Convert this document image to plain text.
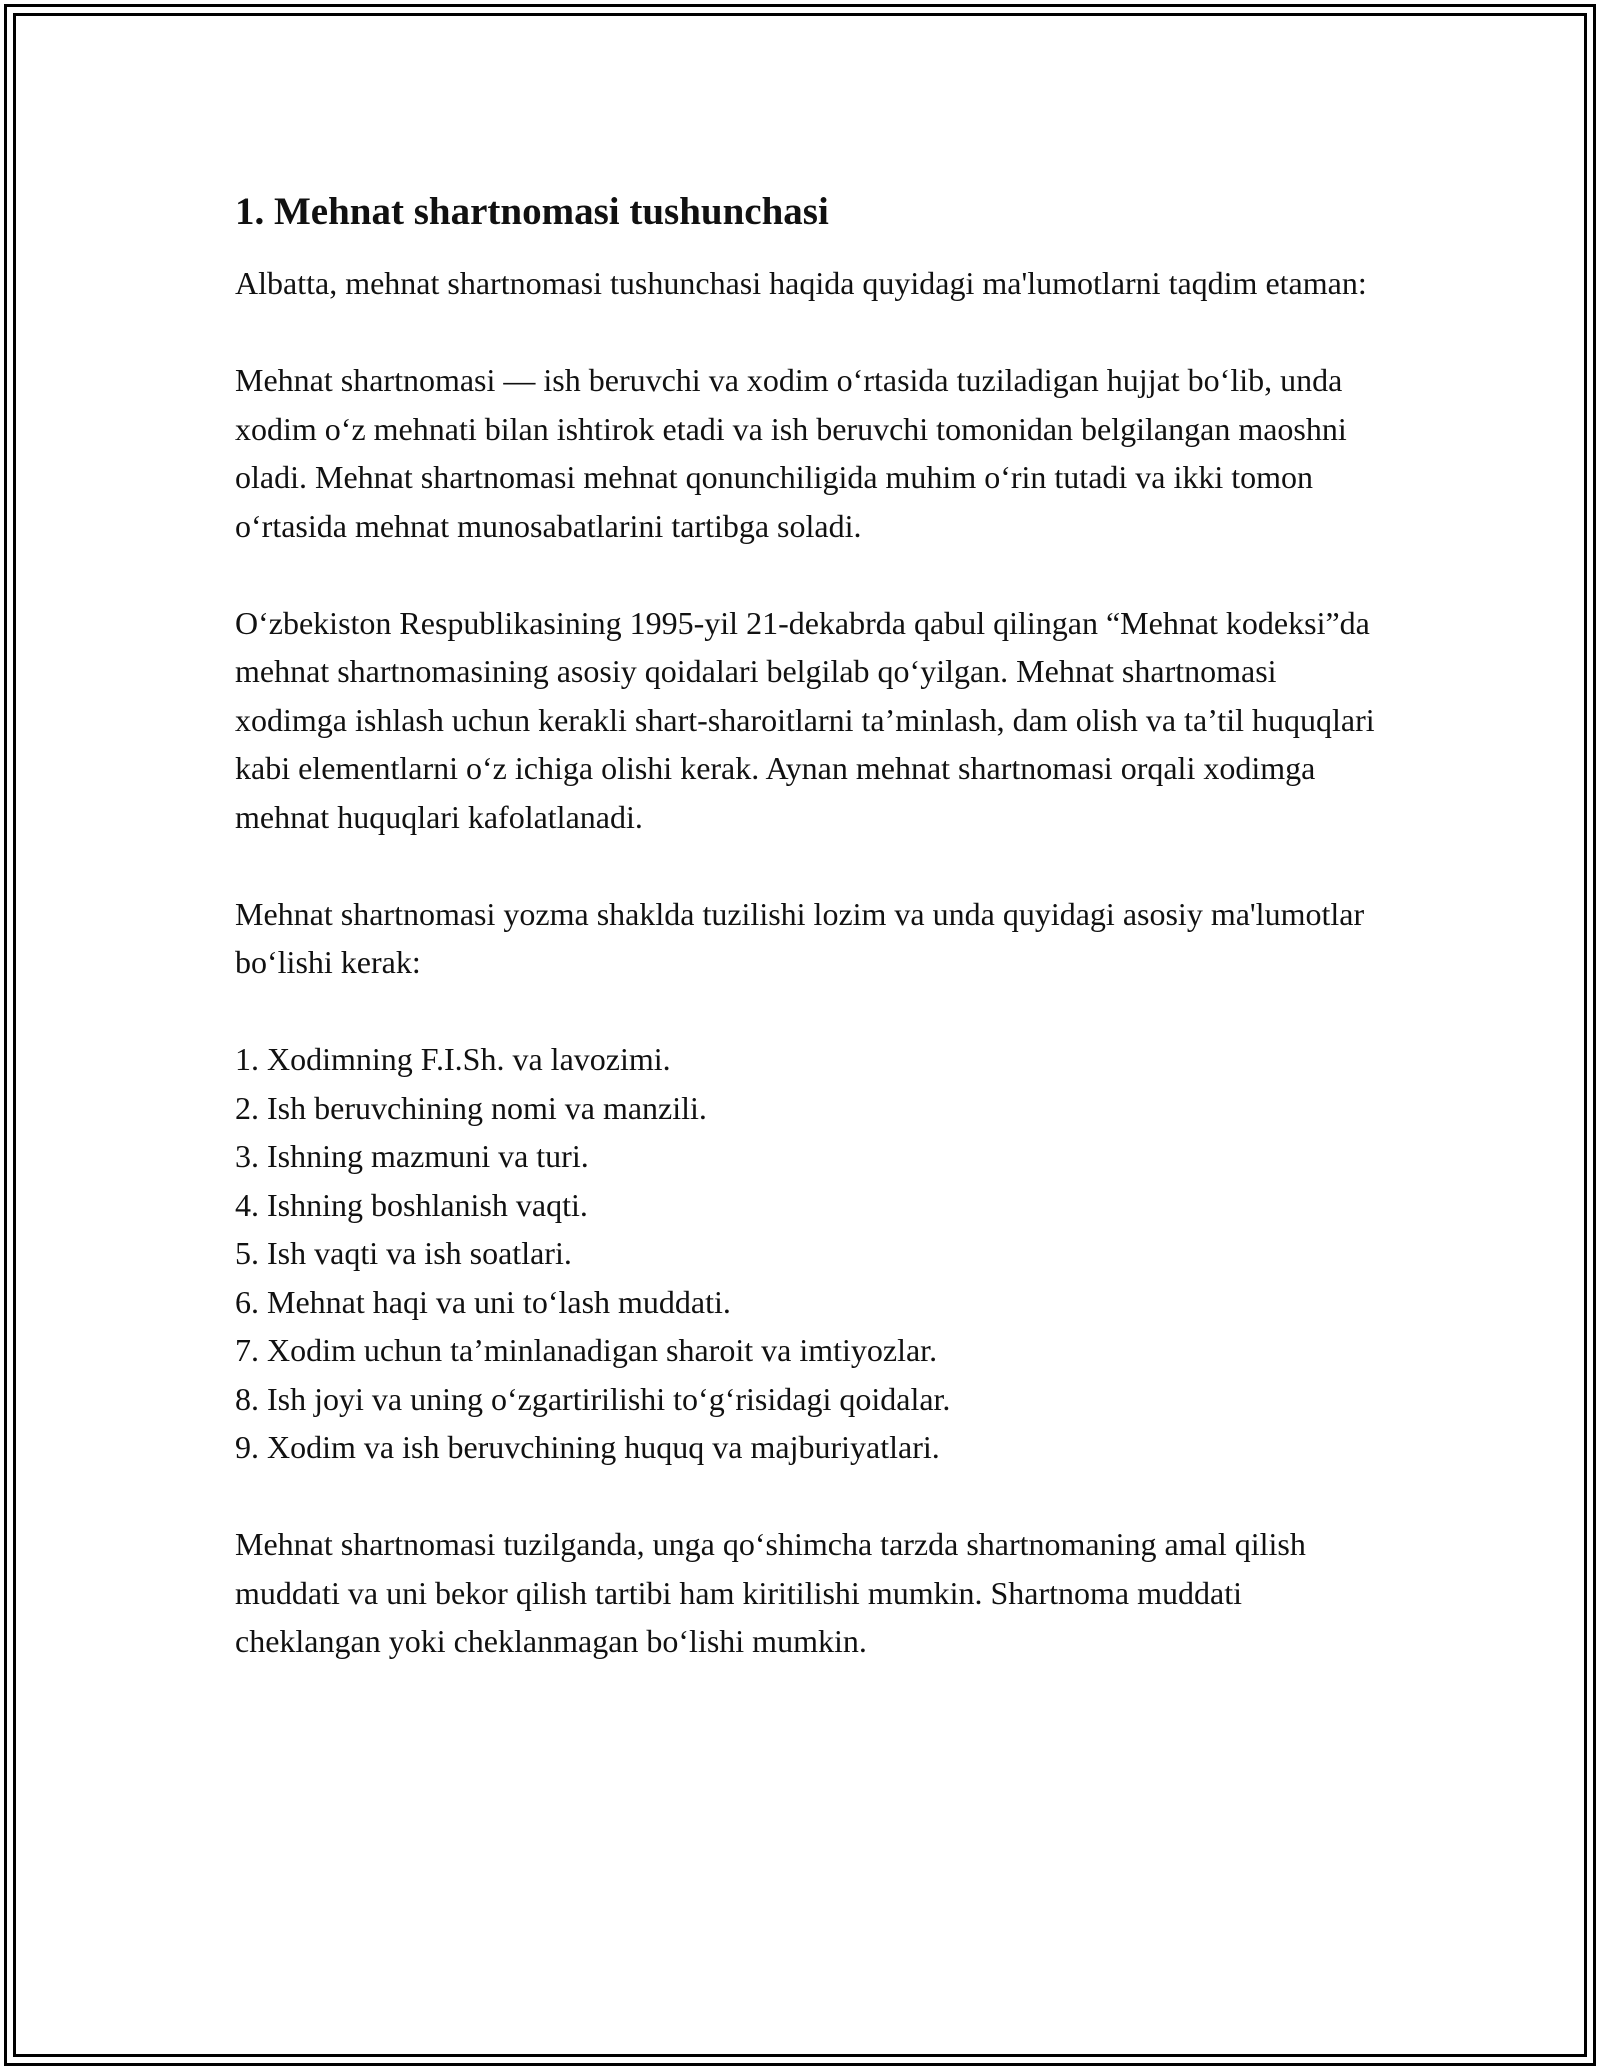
1. Mehnat shartnomasi tushunchasi

Albatta, mehnat shartnomasi tushunchasi haqida quyidagi ma'lumotlarni taqdim etaman:

Mehnat shartnomasi — ish beruvchi va xodim o‘rtasida tuziladigan hujjat bo‘lib, unda xodim o‘z mehnati bilan ishtirok etadi va ish beruvchi tomonidan belgilangan maoshni oladi. Mehnat shartnomasi mehnat qonunchiligida muhim o‘rin tutadi va ikki tomon o‘rtasida mehnat munosabatlarini tartibga soladi.

O‘zbekiston Respublikasining 1995-yil 21-dekabrda qabul qilingan “Mehnat kodeksi”da mehnat shartnomasining asosiy qoidalari belgilab qo‘yilgan. Mehnat shartnomasi xodimga ishlash uchun kerakli shart-sharoitlarni ta’minlash, dam olish va ta’til huquqlari kabi elementlarni o‘z ichiga olishi kerak. Aynan mehnat shartnomasi orqali xodimga mehnat huquqlari kafolatlanadi.

Mehnat shartnomasi yozma shaklda tuzilishi lozim va unda quyidagi asosiy ma'lumotlar bo‘lishi kerak:

1. Xodimning F.I.Sh. va lavozimi.
2. Ish beruvchining nomi va manzili.
3. Ishning mazmuni va turi.
4. Ishning boshlanish vaqti.
5. Ish vaqti va ish soatlari.
6. Mehnat haqi va uni to‘lash muddati.
7. Xodim uchun ta’minlanadigan sharoit va imtiyozlar.
8. Ish joyi va uning o‘zgartirilishi to‘g‘risidagi qoidalar.
9. Xodim va ish beruvchining huquq va majburiyatlari.

Mehnat shartnomasi tuzilganda, unga qo‘shimcha tarzda shartnomaning amal qilish muddati va uni bekor qilish tartibi ham kiritilishi mumkin. Shartnoma muddati cheklangan yoki cheklanmagan bo‘lishi mumkin.
